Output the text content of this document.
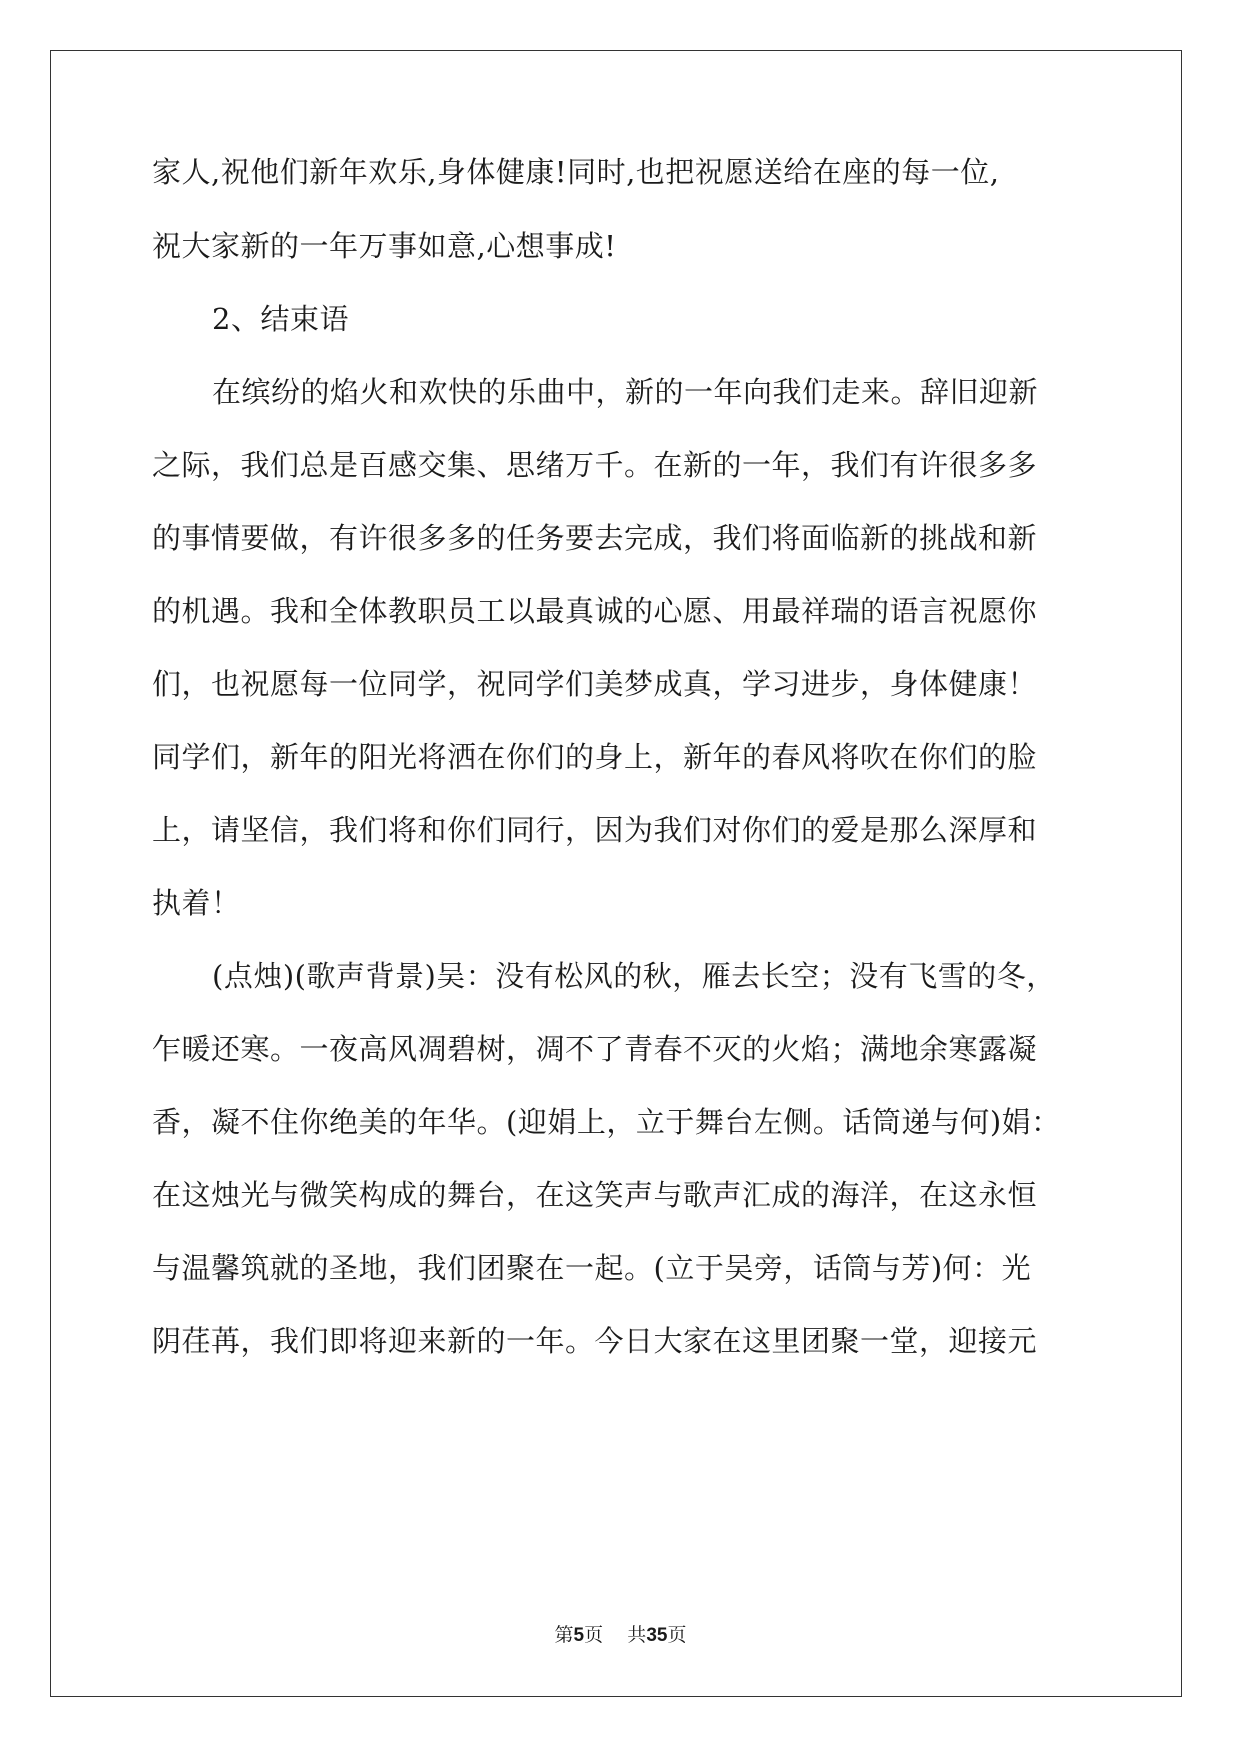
家人,祝他们新年欢乐,身体健康!同时,也把祝愿送给在座的每一位,
祝大家新的一年万事如意,心想事成!
2、结束语
在缤纷的焰火和欢快的乐曲中，新的一年向我们走来。辞旧迎新
之际，我们总是百感交集、思绪万千。在新的一年，我们有许很多多
的事情要做，有许很多多的任务要去完成，我们将面临新的挑战和新
的机遇。我和全体教职员工以最真诚的心愿、用最祥瑞的语言祝愿你
们，也祝愿每一位同学，祝同学们美梦成真，学习进步，身体健康！
同学们，新年的阳光将洒在你们的身上，新年的春风将吹在你们的脸
上，请坚信，我们将和你们同行，因为我们对你们的爱是那么深厚和
执着！
(点烛)(歌声背景)吴：没有松风的秋，雁去长空；没有飞雪的冬，
乍暖还寒。一夜高风凋碧树，凋不了青春不灭的火焰；满地余寒露凝
香，凝不住你绝美的年华。(迎娟上，立于舞台左侧。话筒递与何)娟：
在这烛光与微笑构成的舞台，在这笑声与歌声汇成的海洋，在这永恒
与温馨筑就的圣地，我们团聚在一起。(立于吴旁，话筒与芳)何：光
阴荏苒，我们即将迎来新的一年。今日大家在这里团聚一堂，迎接元
第5页 共35页
